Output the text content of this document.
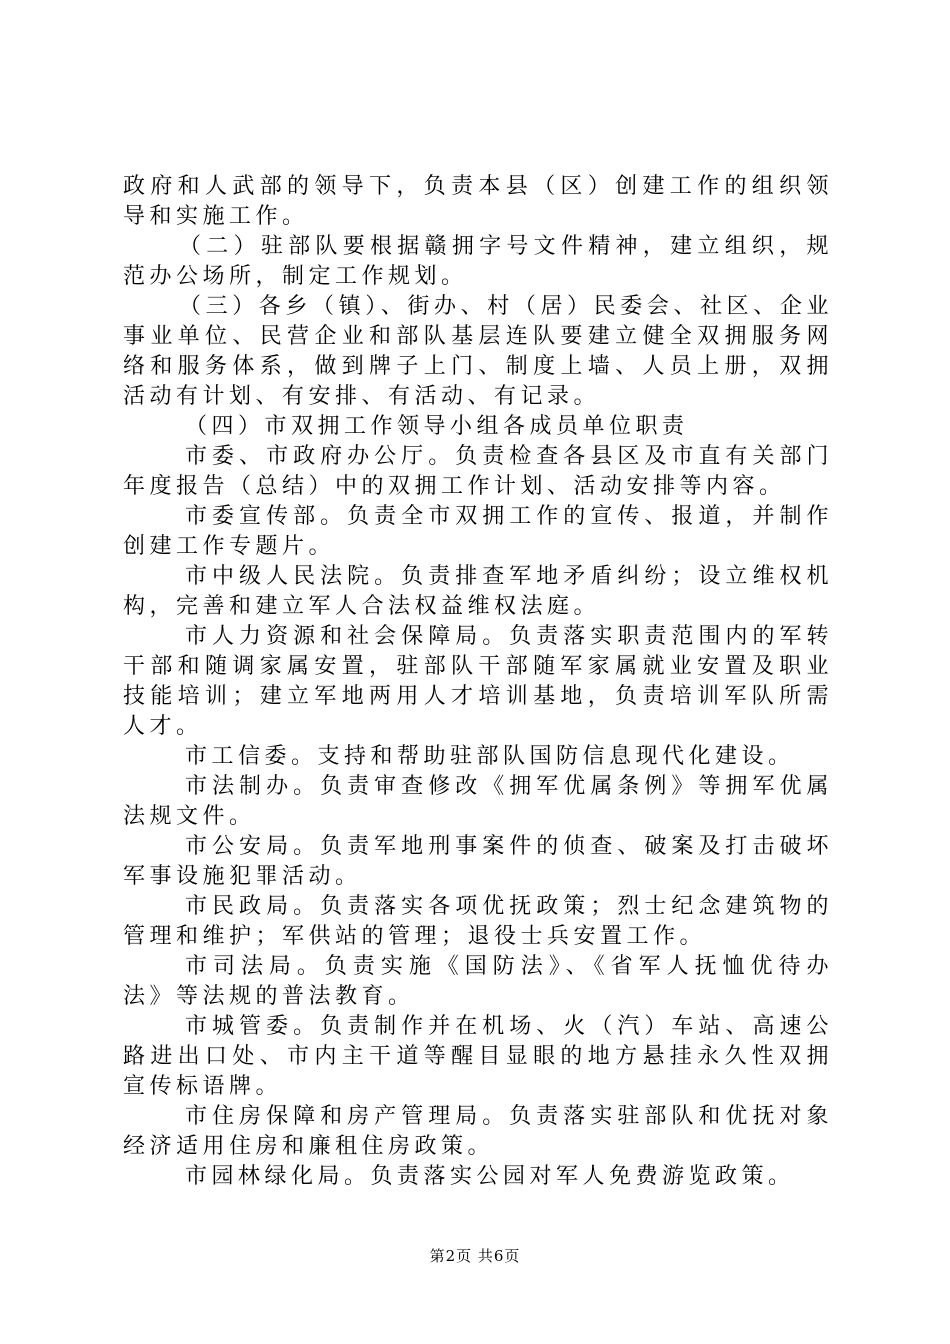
政府和人武部的领导下，负责本县（区）创建工作的组织领导和实施工作。

（二）驻部队要根据赣拥字号文件精神，建立组织，规范办公场所，制定工作规划。

（三）各乡（镇）、街办、村（居）民委会、社区、企业事业单位、民营企业和部队基层连队要建立健全双拥服务网络和服务体系，做到牌子上门、制度上墙、人员上册，双拥活动有计划、有安排、有活动、有记录。

（四）市双拥工作领导小组各成员单位职责

市委、市政府办公厅。负责检查各县区及市直有关部门年度报告（总结）中的双拥工作计划、活动安排等内容。

市委宣传部。负责全市双拥工作的宣传、报道，并制作创建工作专题片。

市中级人民法院。负责排查军地矛盾纠纷；设立维权机构，完善和建立军人合法权益维权法庭。

市人力资源和社会保障局。负责落实职责范围内的军转干部和随调家属安置，驻部队干部随军家属就业安置及职业技能培训；建立军地两用人才培训基地，负责培训军队所需人才。

市工信委。支持和帮助驻部队国防信息现代化建设。

市法制办。负责审查修改《拥军优属条例》等拥军优属法规文件。

市公安局。负责军地刑事案件的侦查、破案及打击破坏军事设施犯罪活动。

市民政局。负责落实各项优抚政策；烈士纪念建筑物的管理和维护；军供站的管理；退役士兵安置工作。

市司法局。负责实施《国防法》、《省军人抚恤优待办法》等法规的普法教育。

市城管委。负责制作并在机场、火（汽）车站、高速公路进出口处、市内主干道等醒目显眼的地方悬挂永久性双拥宣传标语牌。

市住房保障和房产管理局。负责落实驻部队和优抚对象经济适用住房和廉租住房政策。

市园林绿化局。负责落实公园对军人免费游览政策。

第2页 共6页
